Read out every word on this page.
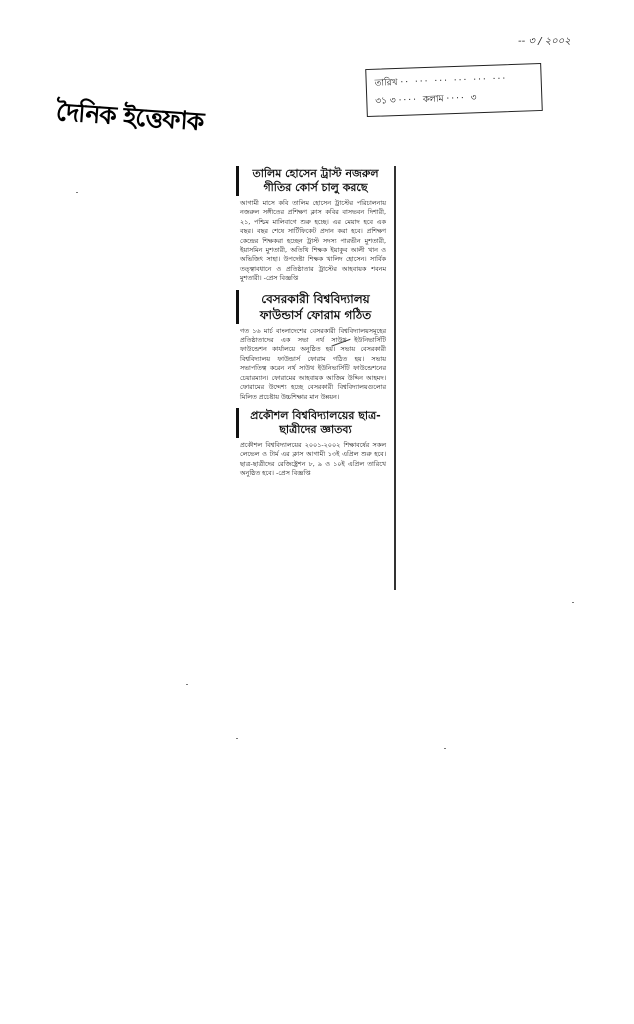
-- ৩ / ২০০২
দৈনিক ইত্তেফাক
তারিখ ·· ··· ··· ··· ··· ···
৩১ ৩ ···· কলাম ···· ৩
তালিম হোসেন ট্রাস্ট নজরুল গীতির কোর্স চালু করছে
আগামী মাসে কবি তালিম হোসেন ট্রাস্টের পরিচালনায় নজরুল সঙ্গীতের প্রশিক্ষণ ক্লাস কবির বাসভবন দিশারী, ২১, পশ্চিম মালিবাগে শুরু হচ্ছে। এর মেয়াদ হবে এক বছর। বছর শেষে সার্টিফিকেট প্রদান করা হবে। প্রশিক্ষণ কেন্দ্রের শিক্ষকরা হচ্ছেন ট্রাস্ট সদস্য পারভীন মুশতারী, ইয়াসমিন মুশতারী, অতিথি শিক্ষক ইয়াকুব আলী খান ও অভিজিৎ সাহা। উপদেষ্টা শিক্ষক খালিদ হোসেন। সার্বিক তত্ত্বাবধানে ও প্রতিষ্ঠাতার ট্রাস্টের আহবায়ক শবনম মুশতারী। -প্রেস বিজ্ঞপ্তি
বেসরকারী বিশ্ববিদ্যালয় ফাউন্ডার্স ফোরাম গঠিত
গত ১৬ মার্চ বাংলাদেশের বেসরকারী বিশ্ববিদ্যালয়সমূহের প্রতিষ্ঠাতাদের এক সভা নর্থ সাউথ ইউনিভার্সিটি ফাউন্ডেশন কার্যালয়ে অনুষ্ঠিত হয়। সভায় বেসরকারী বিশ্ববিদ্যালয় ফাউন্ডার্স ফোরাম গঠিত হয়। সভায় সভাপতিত্ব করেন নর্থ সাউথ ইউনিভার্সিটি ফাউন্ডেশনের চেয়ারম্যান। ফোরামের আহবায়ক আজিম উদ্দিন আহমদ। ফোরামের উদ্দেশ্য হচ্ছে বেসরকারী বিশ্ববিদ্যালয়গুলোর মিলিত প্রচেষ্টায় উচ্চশিক্ষার মান উন্নয়ন।
প্রকৌশল বিশ্ববিদ্যালয়ের ছাত্র-ছাত্রীদের জ্ঞাতব্য
প্রকৌশল বিশ্ববিদ্যালয়ের ২০০১-২০০২ শিক্ষাবর্ষের সকল লেভেল ও টার্ম এর ক্লাস আগামী ১৩ই এপ্রিল শুরু হবে। ছাত্র-ছাত্রীদের রেজিষ্ট্রেশন ৮, ৯ ও ১০ই এপ্রিল তারিখে অনুষ্ঠিত হবে। -প্রেস বিজ্ঞপ্তি
